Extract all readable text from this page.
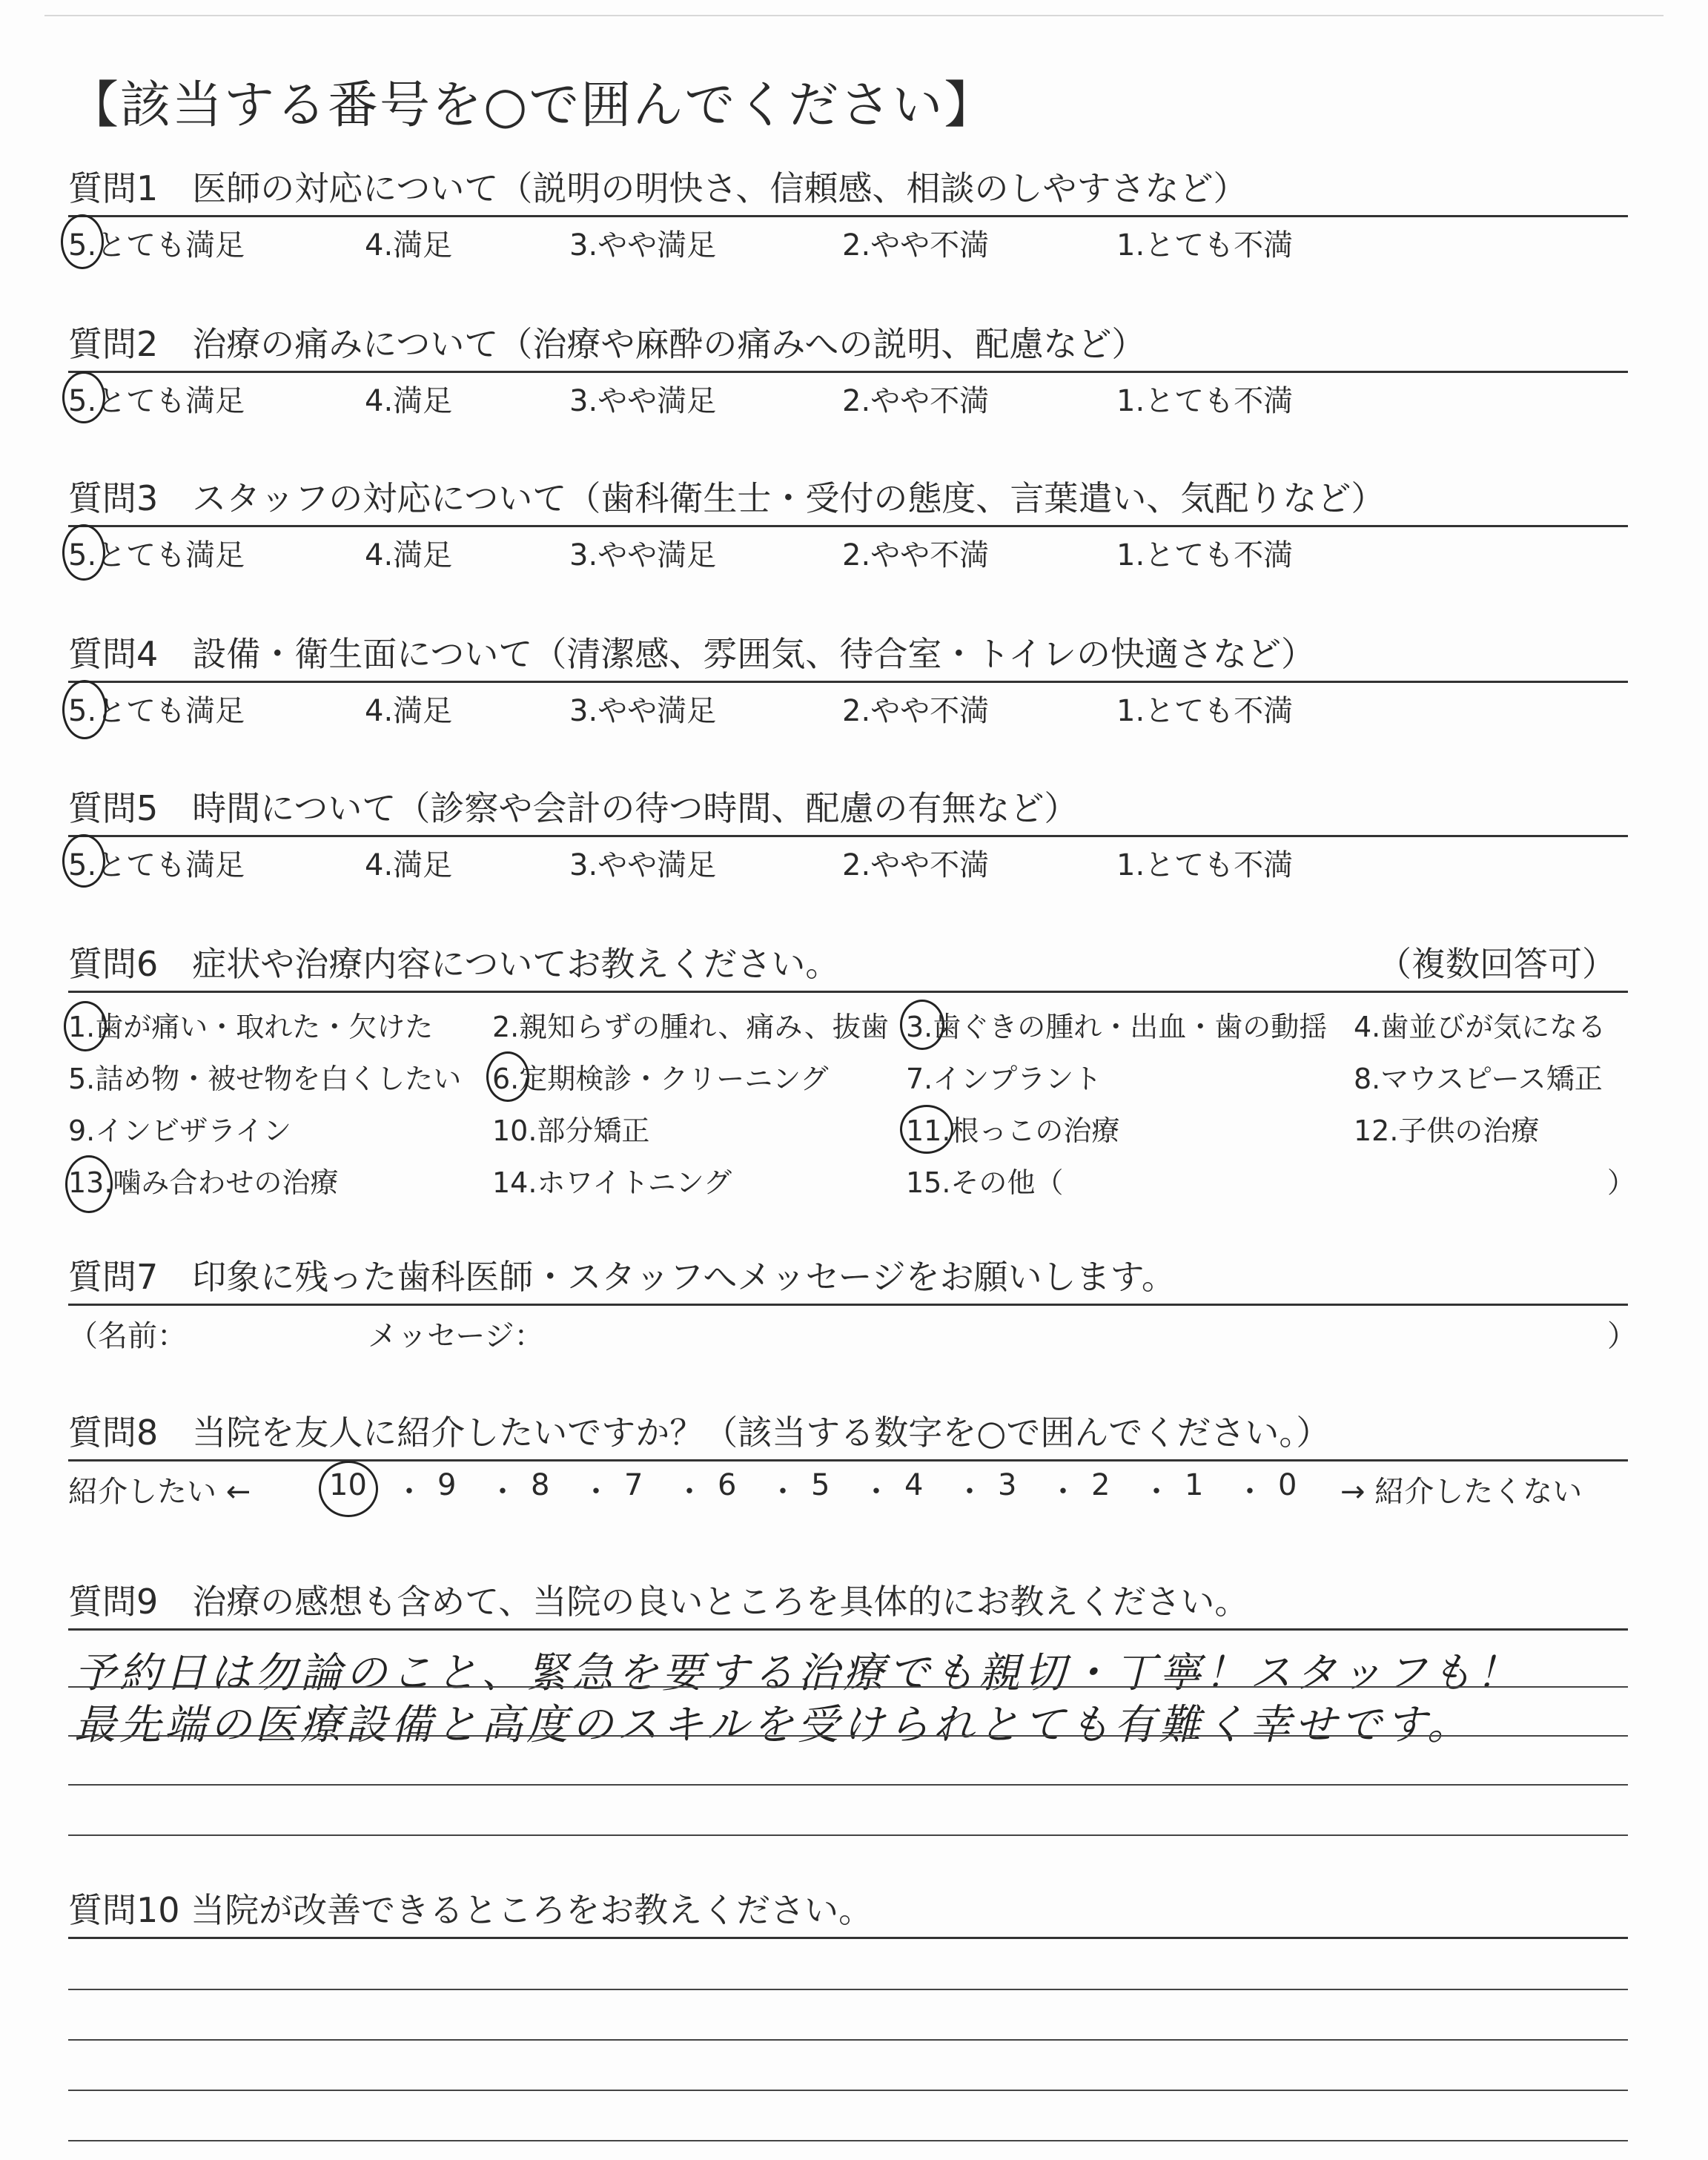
【該当する番号を○で囲んでください】
質問1　医師の対応について（説明の明快さ、信頼感、相談のしやすさなど）
5.とても満足	4.満足	3.やや満足	2.やや不満	1.とても不満
質問2　治療の痛みについて（治療や麻酔の痛みへの説明、配慮など）
5.とても満足	4.満足	3.やや満足	2.やや不満	1.とても不満
質問3　スタッフの対応について（歯科衛生士・受付の態度、言葉遣い、気配りなど）
5.とても満足	4.満足	3.やや満足	2.やや不満	1.とても不満
質問4　設備・衛生面について（清潔感、雰囲気、待合室・トイレの快適さなど）
5.とても満足	4.満足	3.やや満足	2.やや不満	1.とても不満
質問5　時間について（診察や会計の待つ時間、配慮の有無など）
5.とても満足	4.満足	3.やや満足	2.やや不満	1.とても不満
質問6　症状や治療内容についてお教えください。	（複数回答可）
1.歯が痛い・取れた・欠けた 2.親知らずの腫れ、痛み、抜歯 3.歯ぐきの腫れ・出血・歯の動揺 4.歯並びが気になる
5.詰め物・被せ物を白くしたい 6.定期検診・クリーニング	7.インプラント	8.マウスピース矯正
9.インビザライン	10.部分矯正	11.根っこの治療	12.子供の治療
13.噛み合わせの治療	14.ホワイトニング	15.その他（	）
質問7　印象に残った歯科医師・スタッフへメッセージをお願いします。
（名前：	メッセージ：	）
質問8　当院を友人に紹介したいですか？（該当する数字を○で囲んでください。）
紹介したい ←	10 ・ 9 ・ 8 ・ 7 ・ 6 ・ 5 ・ 4 ・ 3 ・ 2 ・ 1 ・ 0 → 紹介したくない
質問9　治療の感想も含めて、当院の良いところを具体的にお教えください。
予約日は勿論のこと、緊急を要する治療でも親切・丁寧！スタッフも！
最先端の医療設備と高度のスキルを受けられとても有難く幸せです。
質問10 当院が改善できるところをお教えください。
